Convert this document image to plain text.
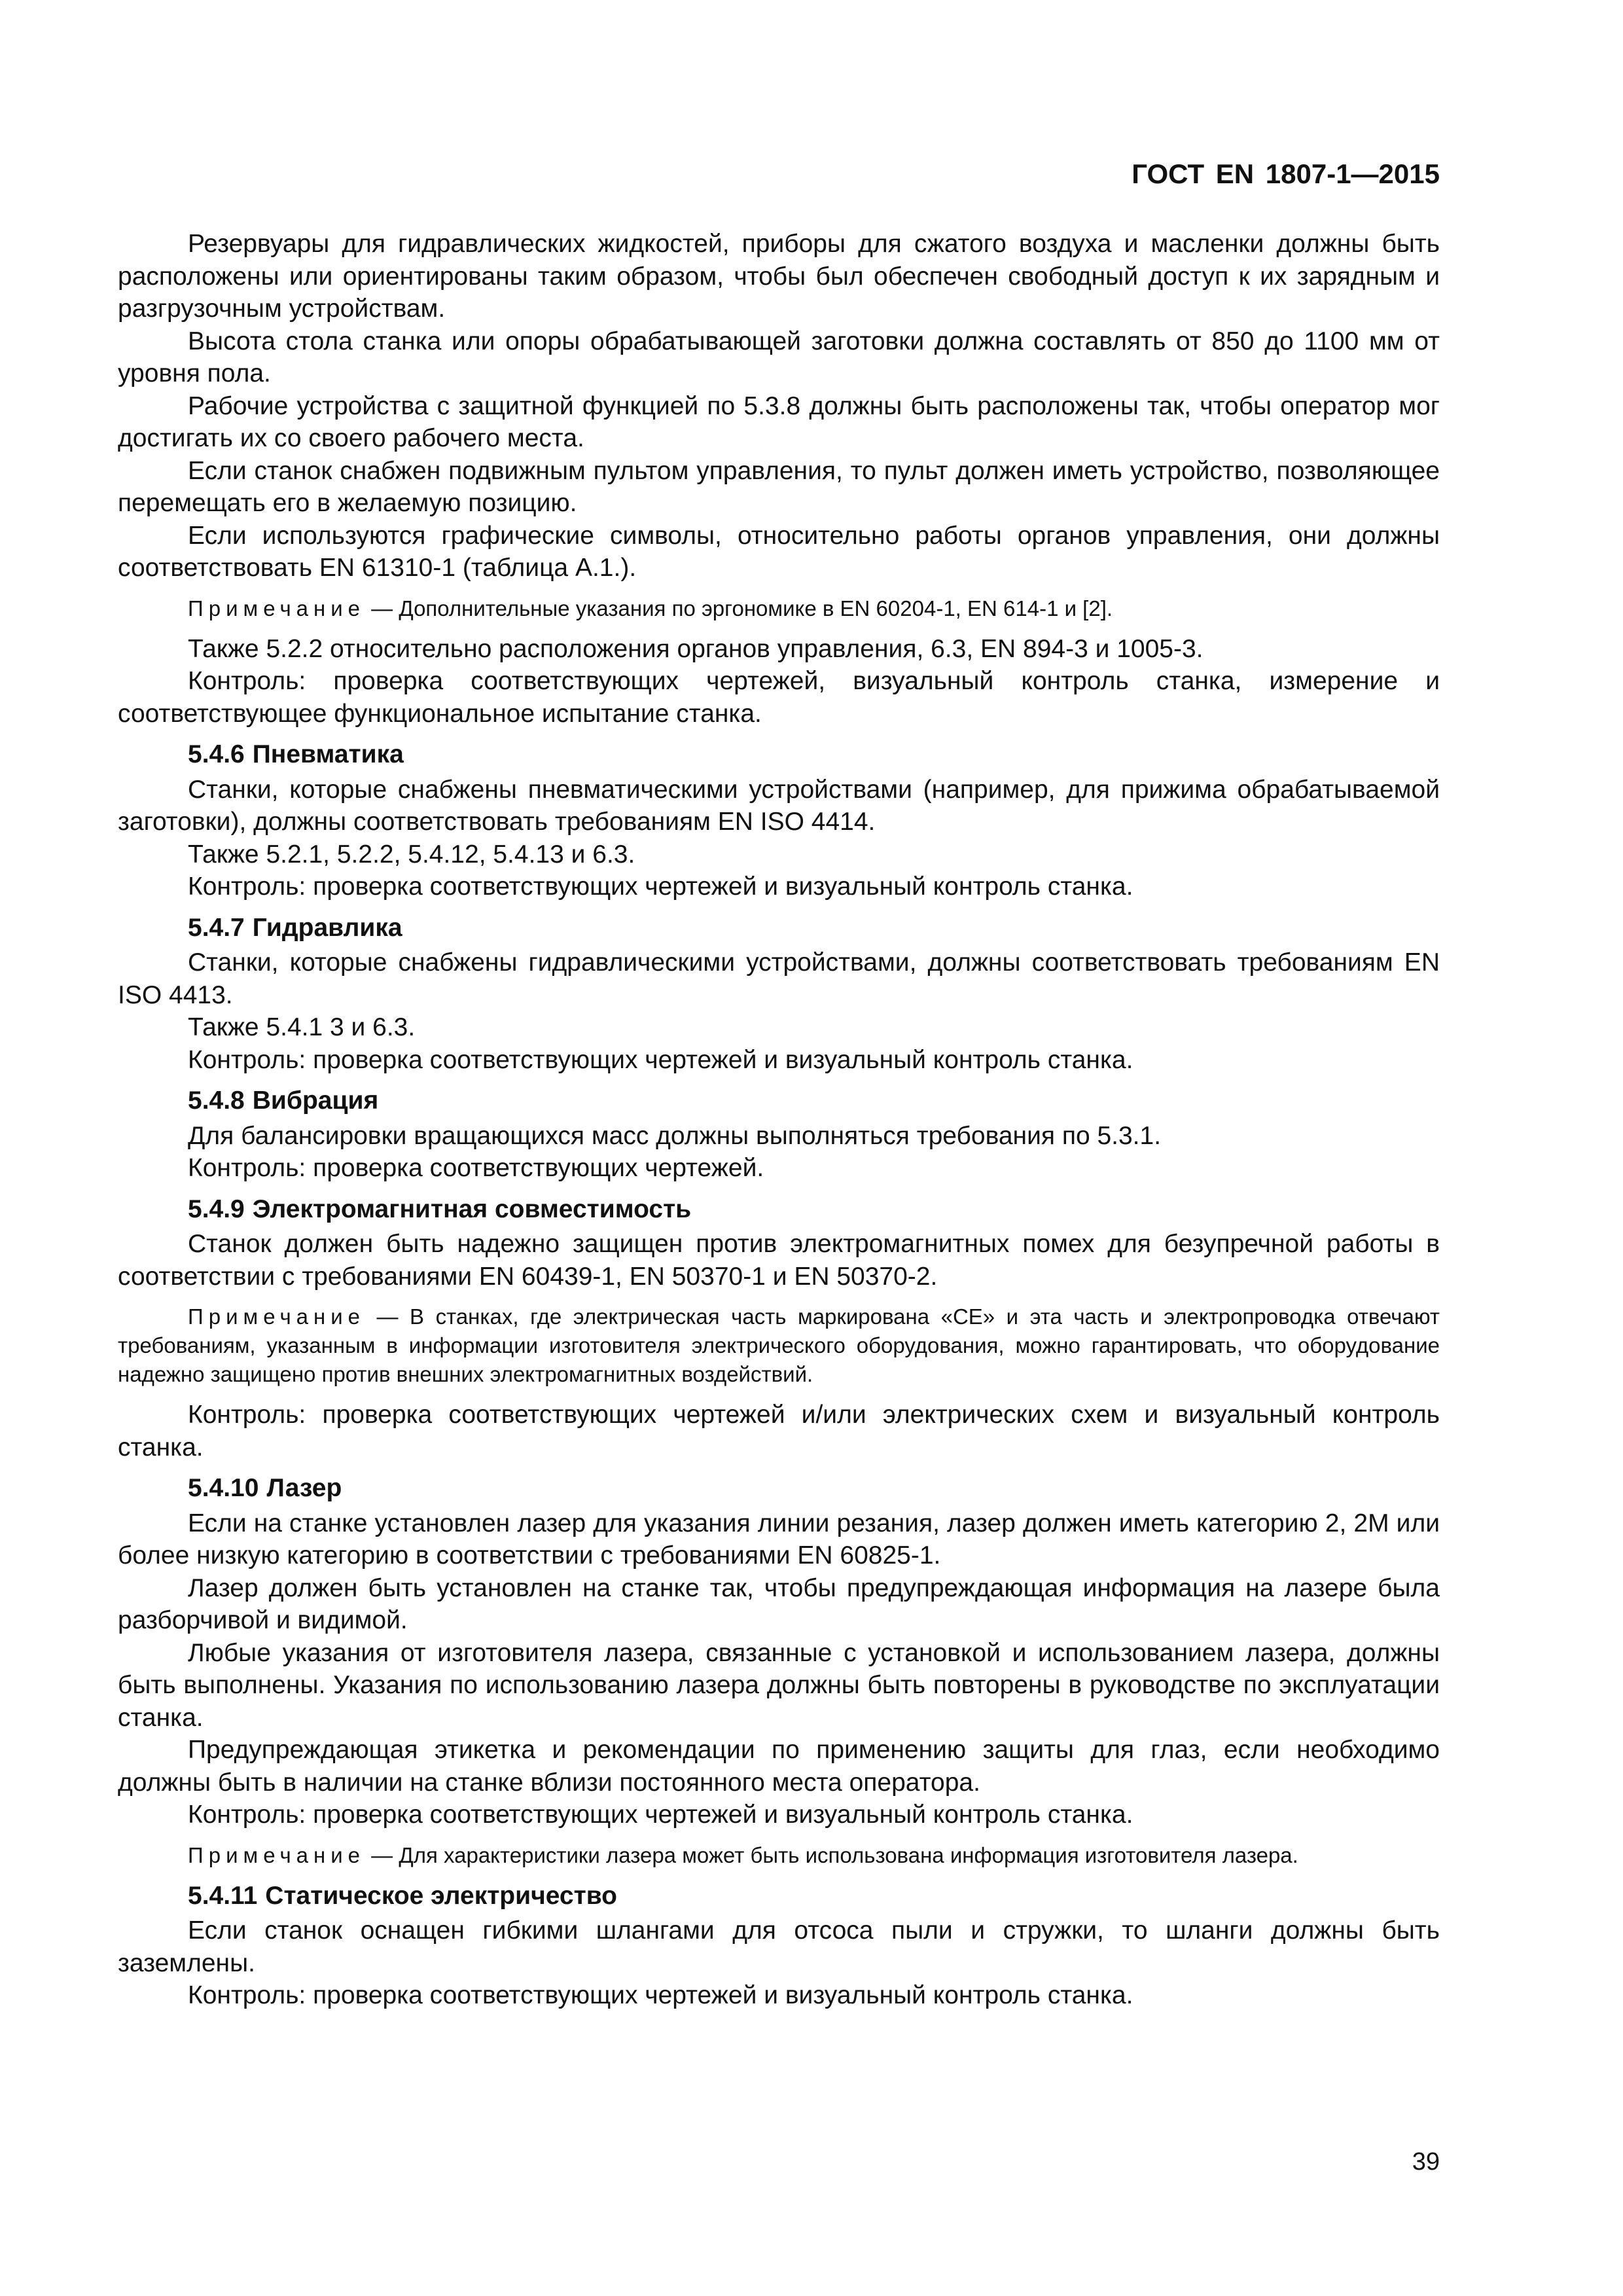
ГОСТ EN 1807-1—2015

Резервуары для гидравлических жидкостей, приборы для сжатого воздуха и масленки должны быть расположены или ориентированы таким образом, чтобы был обеспечен свободный доступ к их зарядным и разгрузочным устройствам.

Высота стола станка или опоры обрабатывающей заготовки должна составлять от 850 до 1100 мм от уровня пола.

Рабочие устройства с защитной функцией по 5.3.8 должны быть расположены так, чтобы оператор мог достигать их со своего рабочего места.

Если станок снабжен подвижным пультом управления, то пульт должен иметь устройство, позволяющее перемещать его в желаемую позицию.

Если используются графические символы, относительно работы органов управления, они должны соответствовать EN 61310-1 (таблица А.1.).

Примечание — Дополнительные указания по эргономике в EN 60204-1, EN 614-1 и [2].

Также 5.2.2 относительно расположения органов управления, 6.3, EN 894-3 и 1005-3.

Контроль: проверка соответствующих чертежей, визуальный контроль станка, измерение и соответствующее функциональное испытание станка.

5.4.6 Пневматика

Станки, которые снабжены пневматическими устройствами (например, для прижима обрабатываемой заготовки), должны соответствовать требованиям EN ISO 4414.

Также 5.2.1, 5.2.2, 5.4.12, 5.4.13 и 6.3.

Контроль: проверка соответствующих чертежей и визуальный контроль станка.

5.4.7 Гидравлика

Станки, которые снабжены гидравлическими устройствами, должны соответствовать требованиям EN ISO 4413.

Также 5.4.1 3 и 6.3.

Контроль: проверка соответствующих чертежей и визуальный контроль станка.

5.4.8 Вибрация

Для балансировки вращающихся масс должны выполняться требования по 5.3.1.

Контроль: проверка соответствующих чертежей.

5.4.9 Электромагнитная совместимость

Станок должен быть надежно защищен против электромагнитных помех для безупречной работы в соответствии с требованиями EN 60439-1, EN 50370-1 и EN 50370-2.

Примечание — В станках, где электрическая часть маркирована «СЕ» и эта часть и электропроводка отвечают требованиям, указанным в информации изготовителя электрического оборудования, можно гарантировать, что оборудование надежно защищено против внешних электромагнитных воздействий.

Контроль: проверка соответствующих чертежей и/или электрических схем и визуальный контроль станка.

5.4.10 Лазер

Если на станке установлен лазер для указания линии резания, лазер должен иметь категорию 2, 2М или более низкую категорию в соответствии с требованиями EN 60825-1.

Лазер должен быть установлен на станке так, чтобы предупреждающая информация на лазере была разборчивой и видимой.

Любые указания от изготовителя лазера, связанные с установкой и использованием лазера, должны быть выполнены. Указания по использованию лазера должны быть повторены в руководстве по эксплуатации станка.

Предупреждающая этикетка и рекомендации по применению защиты для глаз, если необходимо должны быть в наличии на станке вблизи постоянного места оператора.

Контроль: проверка соответствующих чертежей и визуальный контроль станка.

Примечание — Для характеристики лазера может быть использована информация изготовителя лазера.

5.4.11 Статическое электричество

Если станок оснащен гибкими шлангами для отсоса пыли и стружки, то шланги должны быть заземлены.

Контроль: проверка соответствующих чертежей и визуальный контроль станка.

39
